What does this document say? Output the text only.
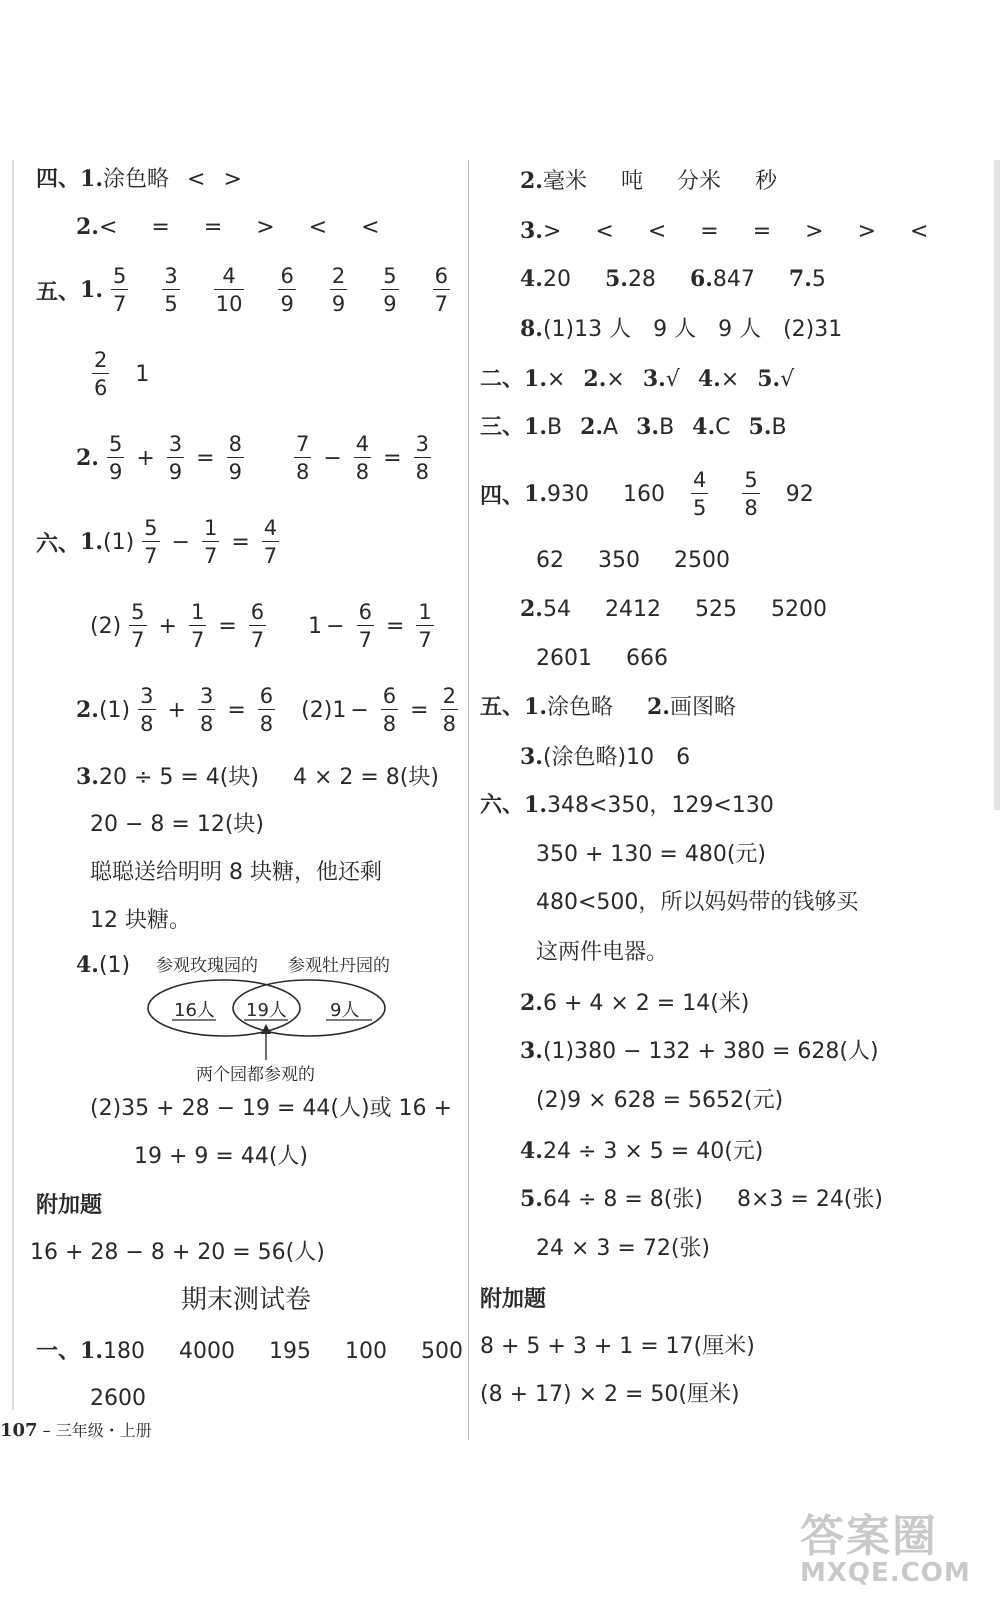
四、1.涂色略 < >
2.< = = > < <
五、 1. $\frac{5}{7} \frac{3}{5} \frac{4}{10} \frac{6}{9} \frac{2}{9} \frac{5}{9} \frac{6}{7}$
$\frac{2}{6} 1$
2. $\frac{5}{9} + \frac{3}{9} = \frac{8}{9} \frac{7}{8} - \frac{4}{8} = \frac{3}{8}$
六、 1. $(1) \frac{5}{7} - \frac{1}{7} = \frac{4}{7}$
$(2) \frac{5}{7} + \frac{1}{7} = \frac{6}{7} 1 - \frac{6}{7} = \frac{1}{7}$
2. $(1) \frac{3}{8} + \frac{3}{8} = \frac{6}{8} (2) 1 - \frac{6}{8} = \frac{2}{8}$
3.20 ÷ 5 = 4(块) 4 × 2 = 8(块)
20 − 8 = 12(块)
聪聪送给明明 8 块糖，他还剩
12 块糖。
4.(1) 参观玫瑰园的 参观牡丹园的
16人 19人 9人
两个园都参观的
(2)35 + 28 − 19 = 44(人)或 16 +
19 + 9 = 44(人)
附加题
16 + 28 − 8 + 20 = 56(人)
期末测试卷
一、1.180 4000 195 100 500
2600
2.毫米 吨 分米 秒
3.> < < = = > > <
4.20 5.28 6.847 7.5
8.(1)13 人　9 人　9 人　(2)31
二、1.× 2.× 3.√ 4.× 5.√
三、1.B 2.A 3.B 4.C 5.B
四、 1. 930 $160 \frac{4}{5} \frac{5}{8} 92$
62 350 2500
2.54 2412 525 5200
2601 666
五、1.涂色略 2.画图略
3.(涂色略)10　6
六、1.348<350，129<130
350 + 130 = 480(元)
480<500，所以妈妈带的钱够买
这两件电器。
2.6 + 4 × 2 = 14(米)
3.(1)380 − 132 + 380 = 628(人)
(2)9 × 628 = 5652(元)
4.24 ÷ 3 × 5 = 40(元)
5.64 ÷ 8 = 8(张) 8×3 = 24(张)
24 × 3 = 72(张)
附加题
8 + 5 + 3 + 1 = 17(厘米)
(8 + 17) × 2 = 50(厘米)
107 – 三年级・上册
答案圈
MXQE.COM
